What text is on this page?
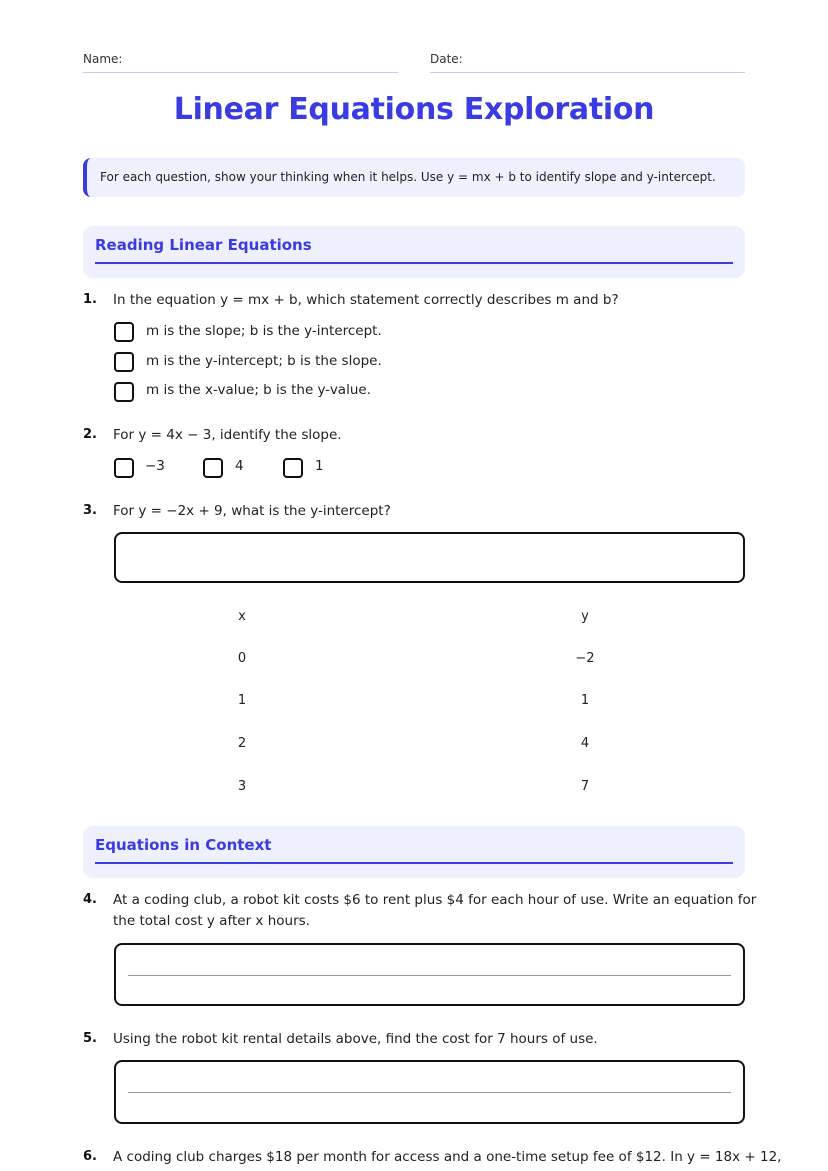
Name:	Date:
Linear Equations Exploration
For each question, show your thinking when it helps. Use y = mx + b to identify slope and y-intercept.
Reading Linear Equations
1. In the equation y = mx + b, which statement correctly describes m and b?
m is the slope; b is the y-intercept.
m is the y-intercept; b is the slope.
m is the x-value; b is the y-value.
2. For y = 4x − 3, identify the slope.
−3	4	1
3. For y = −2x + 9, what is the y-intercept?
x	y
0	−2
1	1
2	4
3	7
Equations in Context
4. At a coding club, a robot kit costs $6 to rent plus $4 for each hour of use. Write an equation for
the total cost y after x hours.
5. Using the robot kit rental details above, find the cost for 7 hours of use.
6. A coding club charges $18 per month for access and a one-time setup fee of $12. In y = 18x + 12,
